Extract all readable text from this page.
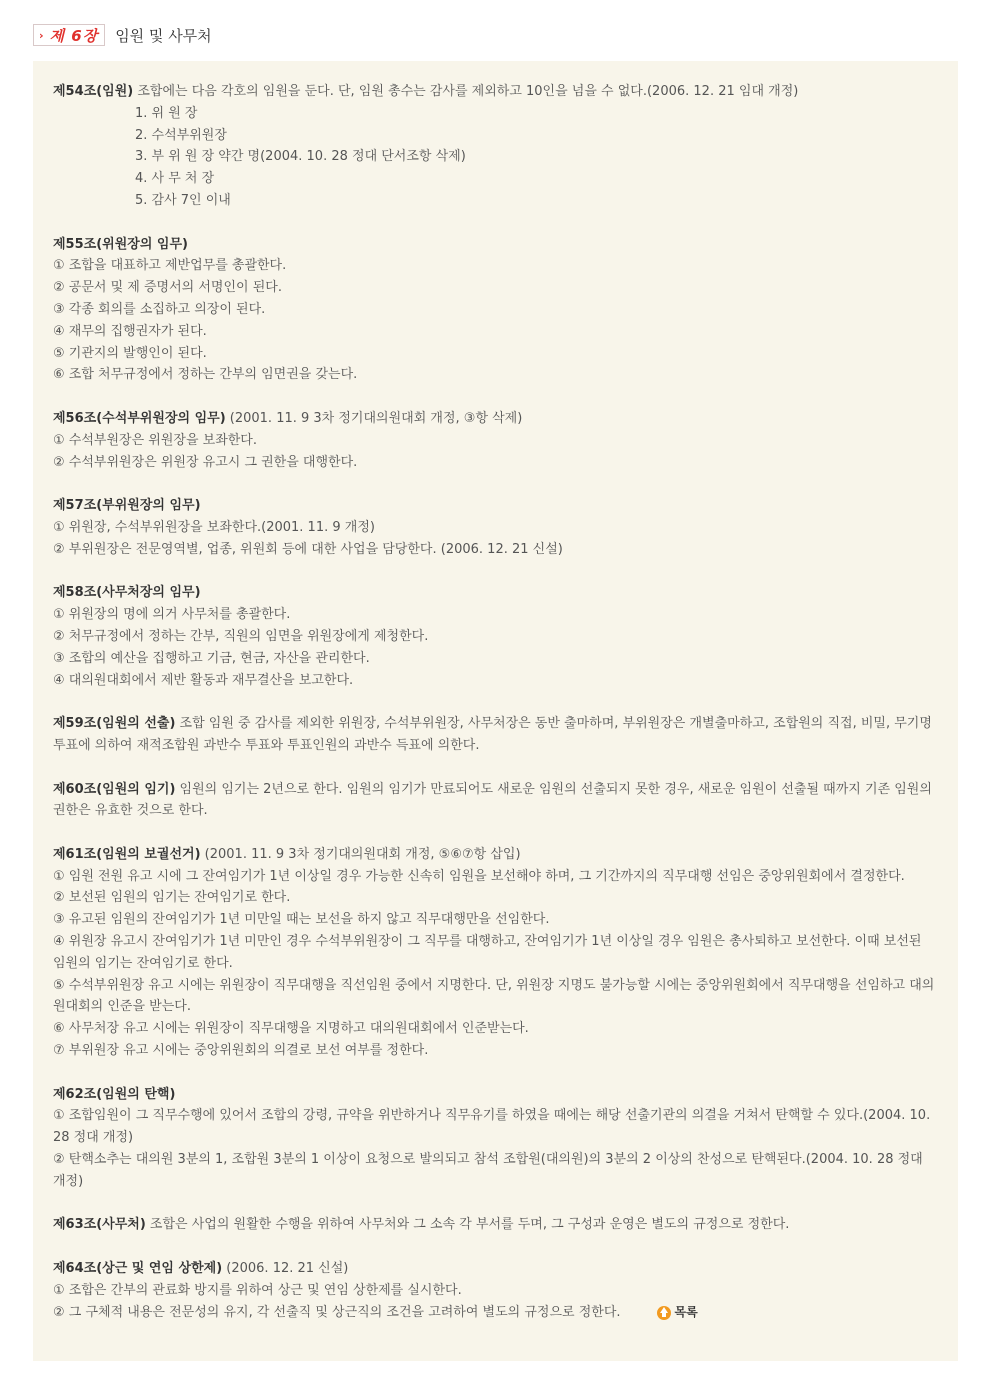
› 제 6장 임원 및 사무처

제54조(임원) 조합에는 다음 각호의 임원을 둔다. 단, 임원 총수는 감사를 제외하고 10인을 넘을 수 없다.(2006. 12. 21 임대 개정)

1. 위 원 장
2. 수석부위원장
3. 부 위 원 장 약간 명(2004. 10. 28 정대 단서조항 삭제)
4. 사 무 처 장
5. 감사 7인 이내

제55조(위원장의 임무)

① 조합을 대표하고 제반업무를 총괄한다.

② 공문서 및 제 증명서의 서명인이 된다.

③ 각종 회의를 소집하고 의장이 된다.

④ 재무의 집행권자가 된다.

⑤ 기관지의 발행인이 된다.

⑥ 조합 처무규정에서 정하는 간부의 임면권을 갖는다.

제56조(수석부위원장의 임무) (2001. 11. 9 3차 정기대의원대회 개정, ③항 삭제)

① 수석부원장은 위원장을 보좌한다.

② 수석부위원장은 위원장 유고시 그 권한을 대행한다.

제57조(부위원장의 임무)

① 위원장, 수석부위원장을 보좌한다.(2001. 11. 9 개정)

② 부위원장은 전문영역별, 업종, 위원회 등에 대한 사업을 담당한다. (2006. 12. 21 신설)

제58조(사무처장의 임무)

① 위원장의 명에 의거 사무처를 총괄한다.

② 처무규정에서 정하는 간부, 직원의 임면을 위원장에게 제청한다.

③ 조합의 예산을 집행하고 기금, 현금, 자산을 관리한다.

④ 대의원대회에서 제반 활동과 재무결산을 보고한다.

제59조(임원의 선출) 조합 임원 중 감사를 제외한 위원장, 수석부위원장, 사무처장은 동반 출마하며, 부위원장은 개별출마하고, 조합원의 직접, 비밀, 무기명투표에 의하여 재적조합원 과반수 투표와 투표인원의 과반수 득표에 의한다.

제60조(임원의 임기) 임원의 임기는 2년으로 한다. 임원의 임기가 만료되어도 새로운 임원의 선출되지 못한 경우, 새로운 임원이 선출될 때까지 기존 임원의 권한은 유효한 것으로 한다.

제61조(임원의 보궐선거) (2001. 11. 9 3차 정기대의원대회 개정, ⑤⑥⑦항 삽입)

① 임원 전원 유고 시에 그 잔여임기가 1년 이상일 경우 가능한 신속히 임원을 보선해야 하며, 그 기간까지의 직무대행 선임은 중앙위원회에서 결정한다.

② 보선된 임원의 임기는 잔여임기로 한다.

③ 유고된 임원의 잔여임기가 1년 미만일 때는 보선을 하지 않고 직무대행만을 선임한다.

④ 위원장 유고시 잔여임기가 1년 미만인 경우 수석부위원장이 그 직무를 대행하고, 잔여임기가 1년 이상일 경우 임원은 총사퇴하고 보선한다. 이때 보선된 임원의 임기는 잔여임기로 한다.

⑤ 수석부위원장 유고 시에는 위원장이 직무대행을 직선임원 중에서 지명한다. 단, 위원장 지명도 불가능할 시에는 중앙위원회에서 직무대행을 선임하고 대의원대회의 인준을 받는다.

⑥ 사무처장 유고 시에는 위원장이 직무대행을 지명하고 대의원대회에서 인준받는다.

⑦ 부위원장 유고 시에는 중앙위원회의 의결로 보선 여부를 정한다.

제62조(임원의 탄핵)

① 조합임원이 그 직무수행에 있어서 조합의 강령, 규약을 위반하거나 직무유기를 하였을 때에는 해당 선출기관의 의결을 거쳐서 탄핵할 수 있다.(2004. 10. 28 정대 개정)

② 탄핵소추는 대의원 3분의 1, 조합원 3분의 1 이상이 요청으로 발의되고 참석 조합원(대의원)의 3분의 2 이상의 찬성으로 탄핵된다.(2004. 10. 28 정대 개정)

제63조(사무처) 조합은 사업의 원활한 수행을 위하여 사무처와 그 소속 각 부서를 두며, 그 구성과 운영은 별도의 규정으로 정한다.

제64조(상근 및 연임 상한제) (2006. 12. 21 신설)

① 조합은 간부의 관료화 방지를 위하여 상근 및 연임 상한제를 실시한다.

② 그 구체적 내용은 전문성의 유지, 각 선출직 및 상근직의 조건을 고려하여 별도의 규정으로 정한다.	목록
